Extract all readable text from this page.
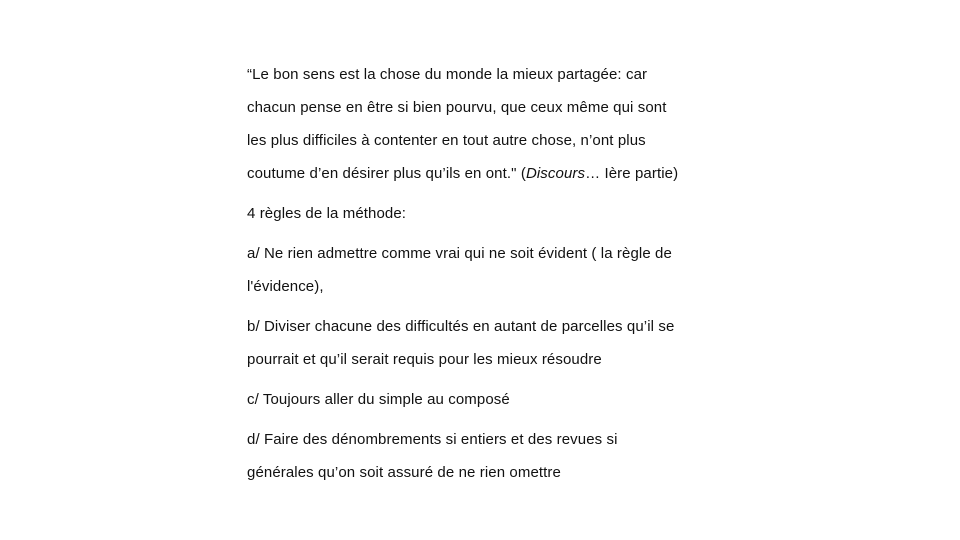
“Le bon sens est la chose du monde la mieux partagée: car
chacun pense en être si bien pourvu, que ceux même qui sont
les plus difficiles à contenter en tout autre chose, n’ont plus
coutume d’en désirer plus qu’ils en ont." (Discours… Ière partie)

4 règles de la méthode:

a/ Ne rien admettre comme vrai qui ne soit évident ( la règle de
l'évidence),

b/ Diviser chacune des difficultés en autant de parcelles qu’il se
pourrait et qu’il serait requis pour les mieux résoudre

c/ Toujours aller du simple au composé

d/ Faire des dénombrements si entiers et des revues si
générales qu’on soit assuré de ne rien omettre
